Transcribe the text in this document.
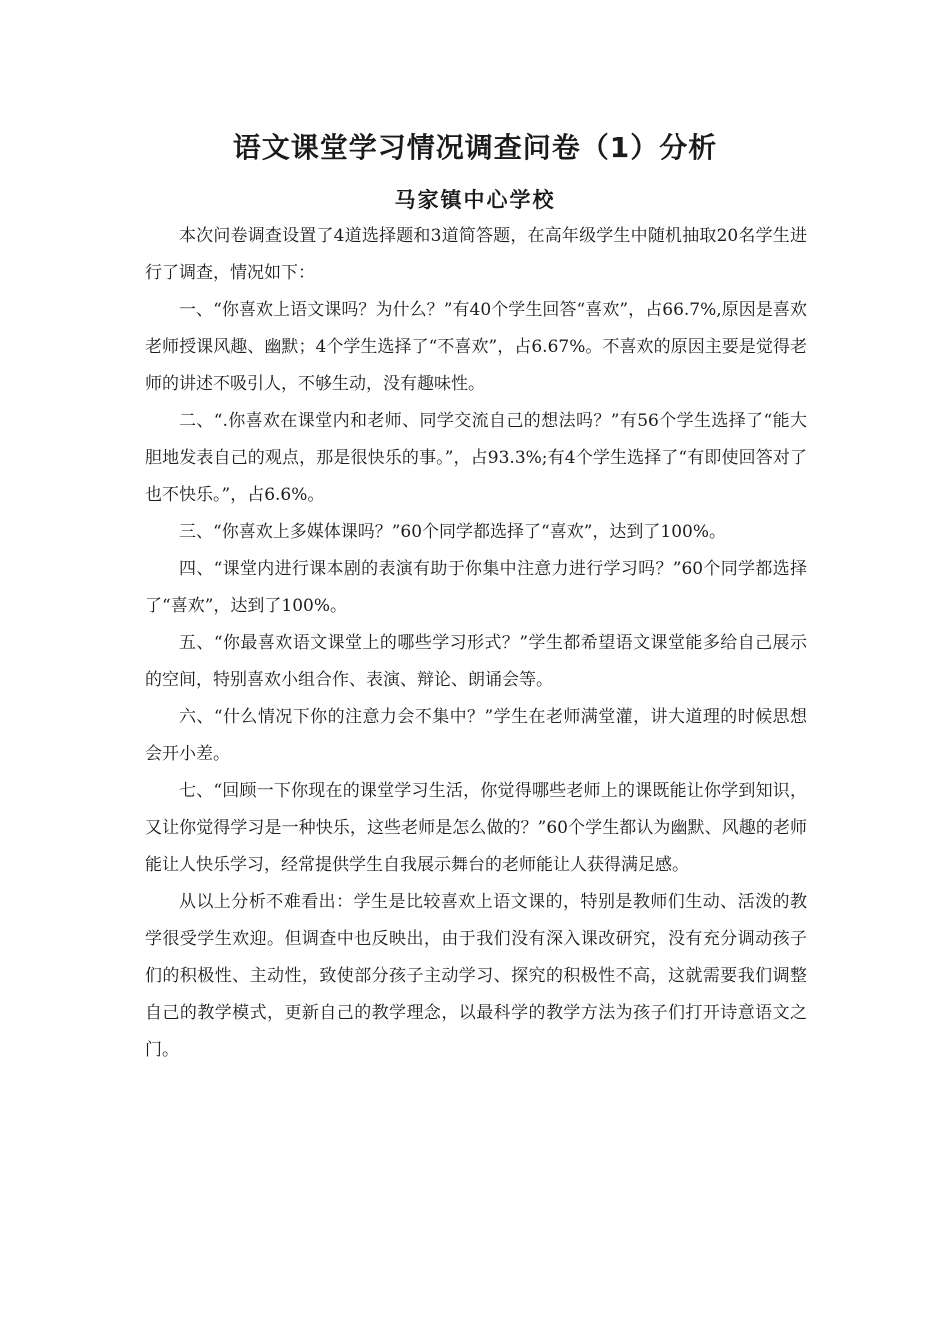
语文课堂学习情况调查问卷（1）分析
马家镇中心学校

本次问卷调查设置了4道选择题和3道简答题，在高年级学生中随机抽取20名学生进行了调查，情况如下：

一、“你喜欢上语文课吗？为什么？”有40个学生回答“喜欢”，占66.7%,原因是喜欢老师授课风趣、幽默；4个学生选择了“不喜欢”，占6.67%。不喜欢的原因主要是觉得老师的讲述不吸引人，不够生动，没有趣味性。

二、“.你喜欢在课堂内和老师、同学交流自己的想法吗？”有56个学生选择了“能大胆地发表自己的观点，那是很快乐的事。”，占93.3%;有4个学生选择了“有即使回答对了也不快乐。”，占6.6%。

三、“你喜欢上多媒体课吗？”60个同学都选择了“喜欢”，达到了100%。

四、“课堂内进行课本剧的表演有助于你集中注意力进行学习吗？”60个同学都选择了“喜欢”，达到了100%。

五、“你最喜欢语文课堂上的哪些学习形式？”学生都希望语文课堂能多给自己展示的空间，特别喜欢小组合作、表演、辩论、朗诵会等。

六、“什么情况下你的注意力会不集中？”学生在老师满堂灌，讲大道理的时候思想会开小差。

七、“回顾一下你现在的课堂学习生活，你觉得哪些老师上的课既能让你学到知识，又让你觉得学习是一种快乐，这些老师是怎么做的？”60个学生都认为幽默、风趣的老师能让人快乐学习，经常提供学生自我展示舞台的老师能让人获得满足感。

从以上分析不难看出：学生是比较喜欢上语文课的，特别是教师们生动、活泼的教学很受学生欢迎。但调查中也反映出，由于我们没有深入课改研究，没有充分调动孩子们的积极性、主动性，致使部分孩子主动学习、探究的积极性不高，这就需要我们调整自己的教学模式，更新自己的教学理念，以最科学的教学方法为孩子们打开诗意语文之门。
